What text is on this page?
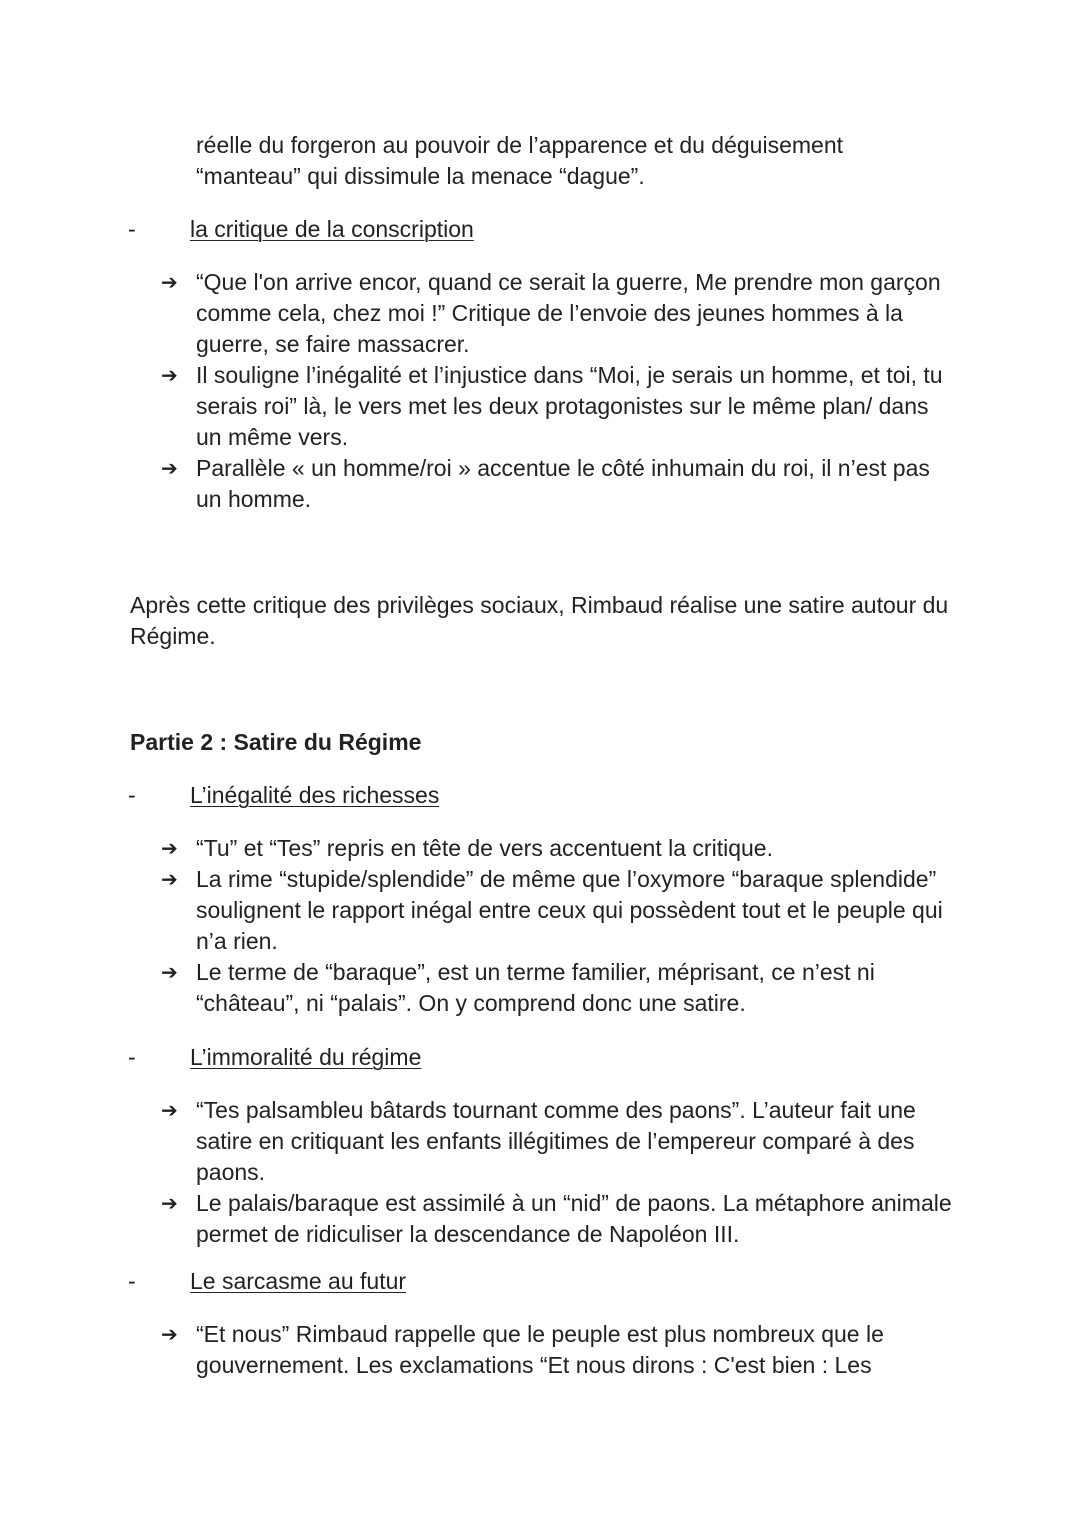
réelle du forgeron au pouvoir de l’apparence et du déguisement
“manteau” qui dissimule la menace “dague”.
- la critique de la conscription
➔ “Que l'on arrive encor, quand ce serait la guerre, Me prendre mon garçon comme cela, chez moi !” Critique de l’envoie des jeunes hommes à la guerre, se faire massacrer.
➔ Il souligne l’inégalité et l’injustice dans “Moi, je serais un homme, et toi, tu serais roi” là, le vers met les deux protagonistes sur le même plan/ dans un même vers.
➔ Parallèle « un homme/roi » accentue le côté inhumain du roi, il n’est pas un homme.
Après cette critique des privilèges sociaux, Rimbaud réalise une satire autour du Régime.
Partie 2 : Satire du Régime
- L’inégalité des richesses
➔ “Tu” et “Tes” repris en tête de vers accentuent la critique.
➔ La rime “stupide/splendide” de même que l’oxymore “baraque splendide” soulignent le rapport inégal entre ceux qui possèdent tout et le peuple qui n’a rien.
➔ Le terme de “baraque”, est un terme familier, méprisant, ce n’est ni “château”, ni “palais”. On y comprend donc une satire.
- L’immoralité du régime
➔ “Tes palsambleu bâtards tournant comme des paons”. L’auteur fait une satire en critiquant les enfants illégitimes de l’empereur comparé à des paons.
➔ Le palais/baraque est assimilé à un “nid” de paons. La métaphore animale permet de ridiculiser la descendance de Napoléon III.
- Le sarcasme au futur
➔ “Et nous” Rimbaud rappelle que le peuple est plus nombreux que le gouvernement. Les exclamations “Et nous dirons : C'est bien : Les
